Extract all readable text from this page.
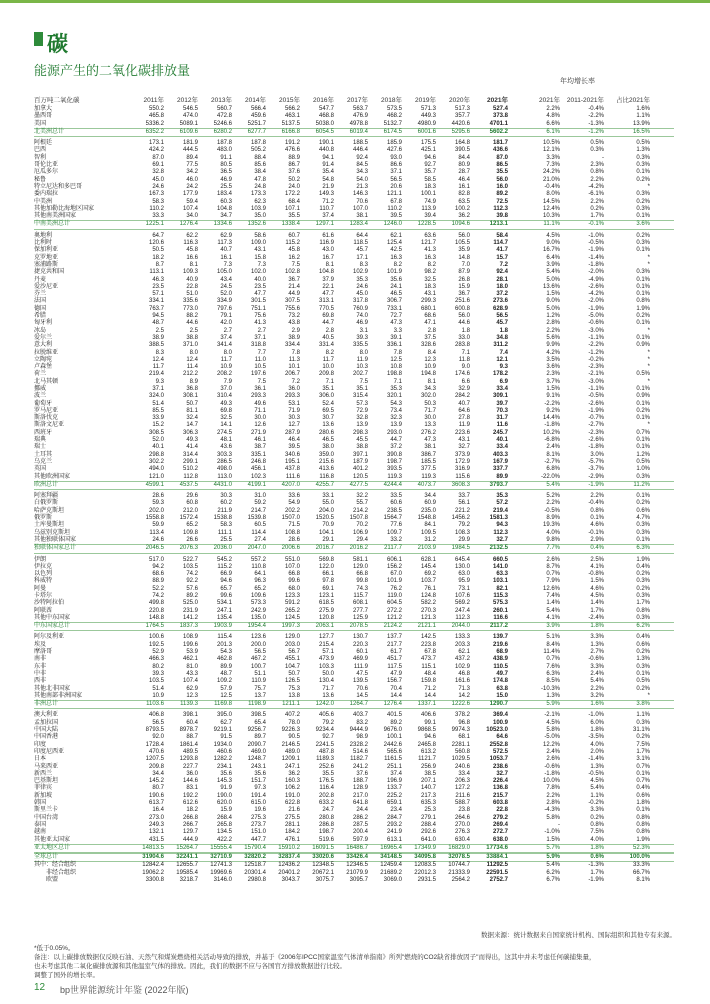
碳
能源产生的二氧化碳排放量
年均增长率
百万吨二氧化碳	2011年	2012年	2013年	2014年	2015年	2016年	2017年	2018年	2019年	2020年	2021年	2021年	2011-2021年	占比2021年
加拿大	550.2	546.5	560.7	566.4	566.2	547.7	563.7	573.5	571.3	517.3	527.4	2.2%	-0.4%	1.6%
墨西哥	465.8	474.0	472.8	459.6	463.1	468.8	476.9	468.2	449.3	357.7	373.8	4.8%	-2.2%	1.1%
美国	5336.2	5089.1	5246.6	5251.7	5137.5	5038.0	4978.8	5132.7	4980.9	4420.6	4701.1	6.6%	-1.3%	13.9%
北美洲总计	6352.2	6109.6	6280.2	6277.7	6166.8	6054.5	6019.4	6174.5	6001.6	5295.6	5602.2	6.1%	-1.2%	16.5%
阿根廷	173.1	181.9	187.8	187.8	191.2	190.1	188.5	185.9	175.5	164.8	181.7	10.5%	0.5%	0.5%
巴西	424.2	444.5	483.0	505.2	476.6	440.8	446.4	427.6	425.1	390.5	436.6	12.1%	0.3%	1.3%
智利	87.0	89.4	91.1	88.4	88.9	94.1	92.4	93.0	94.6	84.4	87.0	3.3%	-	0.3%
哥伦比亚	69.1	77.5	80.5	85.6	86.7	91.4	84.5	86.6	92.7	80.9	86.5	7.3%	2.3%	0.3%
厄瓜多尔	32.8	34.2	36.5	38.4	37.6	35.4	34.3	37.1	35.7	28.7	35.5	24.2%	0.8%	0.1%
秘鲁	45.0	46.0	46.9	47.8	50.2	54.8	54.0	56.5	58.5	46.4	56.0	21.0%	2.2%	0.2%
特立尼达和多巴哥	24.6	24.2	25.5	24.8	24.0	21.9	21.3	20.6	18.3	16.1	16.0	-0.4%	-4.2%	*
委内瑞拉	167.3	177.9	183.4	173.3	172.2	149.3	146.3	121.1	100.1	82.8	89.2	8.0%	-6.1%	0.3%
中美洲	58.3	59.4	60.3	62.3	68.4	71.2	70.6	67.8	74.9	63.5	72.5	14.5%	2.2%	0.2%
其他加勒比海地区国家	110.2	107.4	104.8	103.9	107.1	110.7	107.0	110.2	113.9	100.2	112.3	12.4%	0.2%	0.3%
其他南美洲国家	33.3	34.0	34.7	35.0	35.5	37.4	38.1	39.5	39.4	36.2	39.8	10.3%	1.7%	0.1%
中南美洲总计	1225.1	1276.4	1334.6	1352.6	1338.4	1297.1	1283.4	1246.0	1228.5	1094.6	1213.1	11.1%	-0.1%	3.6%
奥地利	64.7	62.2	62.9	58.6	60.7	61.6	64.4	62.1	63.6	56.0	58.4	4.5%	-1.0%	0.2%
比利时	120.6	116.3	117.3	109.0	115.2	116.9	118.5	125.4	121.7	105.5	114.7	9.0%	-0.5%	0.3%
保加利亚	50.5	45.8	40.7	43.1	45.8	43.0	45.7	42.5	41.3	35.9	41.7	16.7%	-1.9%	0.1%
克罗地亚	18.2	16.6	16.1	15.8	16.2	16.7	17.1	16.3	16.3	14.8	15.7	6.4%	-1.4%	*
塞浦路斯	8.7	8.1	7.3	7.3	7.5	8.1	8.3	8.2	8.2	7.0	7.2	3.9%	-1.8%	*
捷克共和国	113.1	109.3	105.0	102.0	102.8	104.8	102.9	101.9	98.2	87.9	92.4	5.4%	-2.0%	0.3%
丹麦	46.3	40.9	43.4	40.0	36.7	37.9	35.3	35.6	32.5	26.8	28.1	5.0%	-4.9%	0.1%
爱沙尼亚	23.5	22.8	24.5	23.5	21.4	22.1	24.6	24.1	18.3	15.9	18.0	13.6%	-2.6%	0.1%
芬兰	57.1	51.0	52.0	47.7	44.9	47.7	45.0	46.5	43.1	36.7	37.2	1.5%	-4.2%	0.1%
法国	334.1	335.6	334.9	301.5	307.5	313.1	317.8	306.7	299.3	251.6	273.6	9.0%	-2.0%	0.8%
德国	763.7	773.0	797.6	751.1	755.6	770.5	760.9	733.1	680.1	600.8	628.9	5.0%	-1.9%	1.9%
希腊	94.5	88.2	79.1	75.6	73.2	69.8	74.0	72.7	68.6	56.0	56.5	1.2%	-5.0%	0.2%
匈牙利	48.7	44.6	42.0	41.3	43.8	44.7	46.9	47.3	47.1	44.6	45.7	2.8%	-0.6%	0.1%
冰岛	2.5	2.5	2.7	2.7	2.9	2.8	3.1	3.3	2.8	1.8	1.8	2.2%	-3.0%	*
爱尔兰	38.9	38.8	37.4	37.1	38.9	40.5	39.3	39.1	37.5	33.0	34.8	5.6%	-1.1%	0.1%
意大利	388.5	371.0	341.4	318.8	334.4	331.4	335.5	336.1	328.6	283.8	311.2	9.9%	-2.2%	0.9%
拉脱维亚	8.3	8.0	8.0	7.7	7.8	8.2	8.0	7.8	8.4	7.1	7.4	4.2%	-1.2%	*
立陶宛	12.4	12.4	11.7	11.0	11.3	11.7	11.9	12.5	12.3	11.8	12.1	3.5%	-0.2%	*
卢森堡	11.7	11.4	10.9	10.5	10.1	10.0	10.3	10.8	10.9	9.0	9.3	3.6%	-2.3%	*
荷兰	219.4	212.2	208.2	197.6	206.7	209.8	202.7	198.8	194.8	174.6	178.2	2.3%	-2.1%	0.5%
北马其顿	9.3	8.9	7.9	7.5	7.2	7.1	7.5	7.1	8.1	6.6	6.9	3.7%	-3.0%	*
挪威	37.1	36.8	37.0	36.1	36.0	35.1	35.1	35.3	34.3	32.9	33.4	1.5%	-1.1%	0.1%
波兰	324.0	308.1	310.4	293.3	293.3	306.0	315.4	320.1	302.0	284.2	309.1	9.1%	-0.5%	0.9%
葡萄牙	51.4	50.7	49.3	49.6	53.1	52.4	57.3	54.3	50.3	40.7	39.7	-2.2%	-2.6%	0.1%
罗马尼亚	85.5	81.1	69.8	71.1	71.9	69.5	72.9	73.4	71.7	64.6	70.3	9.2%	-1.9%	0.2%
斯洛伐克	33.9	32.4	32.5	30.0	30.3	30.7	32.8	32.3	30.0	27.8	31.7	14.4%	-0.7%	0.1%
斯洛文尼亚	15.2	14.7	14.1	12.6	12.7	13.6	13.9	13.9	13.3	11.9	11.6	-1.8%	-2.7%	*
西班牙	308.5	306.3	274.5	271.9	287.9	280.6	298.3	293.0	276.2	223.6	245.7	10.2%	-2.3%	0.7%
瑞典	52.0	49.3	48.1	46.1	46.4	46.5	45.5	44.7	47.3	43.1	40.1	-6.8%	-2.6%	0.1%
瑞士	40.1	41.4	43.6	38.7	39.5	38.0	38.8	37.2	38.1	32.7	33.4	2.4%	-1.8%	0.1%
土耳其	298.8	314.4	303.3	335.1	340.6	359.0	397.1	390.8	386.7	373.9	403.3	8.1%	3.0%	1.2%
乌克兰	302.2	299.1	286.5	246.8	195.1	215.6	187.9	198.7	185.5	172.9	167.9	-2.7%	-5.7%	0.5%
英国	494.0	510.2	498.0	456.1	437.8	413.6	401.2	393.5	377.5	316.9	337.7	6.8%	-3.7%	1.0%
其他欧洲国家	121.0	112.8	113.0	102.3	111.6	116.8	120.5	119.3	119.3	115.6	89.9	-22.0%	-2.9%	0.3%
欧洲总计	4599.1	4537.5	4431.0	4199.1	4207.0	4255.7	4277.5	4244.4	4073.7	3608.3	3793.7	5.4%	-1.9%	11.2%
阿塞拜疆	28.6	29.6	30.3	31.0	33.6	33.1	32.2	33.5	34.4	33.7	35.3	5.2%	2.2%	0.1%
白俄罗斯	59.3	60.8	60.2	59.2	54.9	55.0	55.7	60.6	60.9	56.1	57.2	2.2%	-0.4%	0.2%
哈萨克斯坦	202.0	212.0	211.9	214.7	202.2	204.0	214.2	238.5	235.0	221.2	219.4	-0.5%	0.8%	0.6%
俄罗斯	1558.8	1572.4	1538.8	1539.8	1507.0	1520.5	1507.8	1564.7	1548.8	1456.2	1581.3	8.9%	0.1%	4.7%
土库曼斯坦	59.9	65.2	58.3	60.5	71.5	70.9	70.2	77.6	84.1	79.2	94.3	19.3%	4.6%	0.3%
乌兹别克斯坦	113.4	109.8	111.1	114.4	108.8	104.1	106.9	109.7	109.5	108.3	112.3	4.0%	-0.1%	0.3%
其他独联体国家	24.6	26.6	25.5	27.4	28.6	29.1	29.4	33.2	31.2	29.9	32.7	9.8%	2.9%	0.1%
独联体国家总计	2046.5	2076.3	2036.0	2047.0	2006.6	2016.7	2016.2	2117.7	2103.9	1984.5	2132.5	7.7%	0.4%	6.3%
伊朗	517.0	522.7	545.2	557.2	551.0	569.8	581.1	606.1	628.1	645.4	660.5	2.6%	2.5%	1.9%
伊拉克	94.2	103.5	115.2	110.8	107.0	122.0	129.0	156.2	145.4	130.0	141.0	8.7%	4.1%	0.4%
以色列	68.6	74.2	66.9	64.1	66.8	66.1	66.8	67.0	69.2	63.0	63.3	0.7%	-0.8%	0.2%
科威特	88.9	92.2	94.6	96.3	99.6	97.8	99.8	101.9	103.7	95.9	103.1	7.9%	1.5%	0.3%
阿曼	52.2	57.6	65.7	65.2	68.0	69.1	74.3	76.2	76.1	73.1	82.1	12.6%	4.6%	0.2%
卡塔尔	74.2	89.2	99.6	109.6	123.3	123.1	115.7	119.0	124.8	107.6	115.3	7.4%	4.5%	0.3%
沙特阿拉伯	499.8	525.0	534.1	573.3	591.2	618.5	608.1	604.5	582.2	569.2	575.3	1.4%	1.4%	1.7%
阿联酋	220.8	231.9	247.1	242.9	265.2	275.9	277.7	272.2	270.3	247.4	260.1	5.4%	1.7%	0.8%
其他中东国家	148.8	141.2	135.4	135.0	124.5	120.8	125.9	121.2	121.3	112.3	116.6	4.1%	-2.4%	0.3%
中东国家总计	1764.5	1837.3	1903.9	1954.4	1997.3	2063.1	2078.5	2124.2	2121.1	2044.0	2117.2	3.9%	1.8%	6.2%
阿尔及利亚	100.6	108.9	115.4	123.6	129.0	127.7	130.7	137.7	142.5	133.3	139.7	5.1%	3.3%	0.4%
埃及	192.5	199.6	201.3	200.0	203.0	215.4	220.3	217.7	223.8	203.3	219.6	8.4%	1.3%	0.6%
摩洛哥	52.9	53.9	54.3	56.5	56.7	57.1	60.1	61.7	67.8	62.1	68.9	11.4%	2.7%	0.2%
南非	466.3	462.1	462.8	467.2	455.1	473.9	469.9	451.7	473.7	437.2	438.9	0.7%	-0.6%	1.3%
东非	80.2	81.0	89.9	100.7	104.7	103.3	111.9	117.5	115.1	102.9	110.5	7.6%	3.3%	0.3%
中非	39.3	43.3	48.7	51.1	50.7	50.0	47.5	47.9	48.4	46.8	49.7	6.3%	2.4%	0.1%
西非	103.5	107.4	109.2	110.9	126.5	130.4	139.5	156.7	159.8	161.6	174.8	8.5%	5.4%	0.5%
其他北非国家	51.4	62.9	57.9	75.7	75.3	71.7	70.6	70.4	71.2	71.3	63.8	-10.3%	2.2%	0.2%
其他南部非洲国家	10.9	12.3	12.5	13.7	13.8	13.6	14.5	14.4	14.4	14.2	15.0	1.3%	3.2%	*
非洲总计	1103.6	1139.3	1169.8	1198.9	1211.1	1242.0	1264.7	1276.4	1337.1	1222.6	1290.7	5.9%	1.6%	3.8%
澳大利亚	406.8	398.1	395.0	398.5	407.2	405.6	403.7	401.5	406.6	378.2	369.4	-2.1%	-1.0%	1.1%
孟加拉国	56.5	60.4	62.7	65.4	78.0	79.2	83.2	89.2	99.1	96.8	100.9	4.5%	6.0%	0.3%
中国大陆	8793.5	8978.7	9219.1	9256.7	9226.3	9234.4	9444.9	9676.0	9868.5	9974.3	10523.0	5.8%	1.8%	31.1%
中国香港	92.0	88.7	91.5	89.7	90.5	92.7	98.9	100.1	94.6	68.1	64.6	-5.0%	-3.5%	0.2%
印度	1728.4	1861.4	1934.0	2090.7	2146.5	2241.5	2328.2	2442.6	2465.8	2281.1	2552.8	12.2%	4.0%	7.5%
印度尼西亚	470.6	489.5	460.6	469.0	489.0	487.8	514.6	565.6	613.2	560.8	572.5	2.4%	2.0%	1.7%
日本	1207.5	1293.8	1282.2	1248.7	1209.1	1189.3	1182.7	1161.5	1121.7	1029.5	1053.7	2.6%	-1.4%	3.1%
马来西亚	209.8	227.7	234.1	243.1	247.1	252.6	241.2	251.1	256.9	240.6	238.6	-0.6%	1.3%	0.7%
新西兰	34.4	36.0	35.6	35.6	36.2	35.5	37.6	37.4	38.5	33.4	32.7	-1.8%	-0.5%	0.1%
巴基斯坦	145.2	144.6	145.3	151.7	160.3	176.5	188.7	196.9	207.1	206.3	226.4	10.0%	4.5%	0.7%
菲律宾	80.7	83.1	91.9	97.3	106.2	116.4	128.9	133.7	140.7	127.2	136.8	7.8%	5.4%	0.4%
新加坡	190.6	192.2	190.0	191.4	191.0	202.8	217.0	225.2	217.3	211.6	215.7	2.2%	1.1%	0.6%
韩国	613.7	612.6	620.0	615.0	622.8	633.2	641.8	659.1	635.3	588.7	603.8	2.8%	-0.2%	1.8%
斯里兰卡	16.4	18.2	15.9	19.6	21.6	24.7	24.4	23.4	25.3	23.8	22.8	-4.3%	3.3%	0.1%
中国台湾	273.0	266.8	268.4	275.3	275.5	280.8	286.2	284.7	279.1	264.6	279.2	5.8%	0.2%	0.8%
泰国	249.3	266.7	265.8	273.7	281.1	286.8	287.5	293.2	288.4	270.0	269.4	-	0.8%	0.8%
越南	132.1	129.7	134.5	151.0	184.2	198.7	200.4	241.9	292.6	276.3	272.7	-1.0%	7.5%	0.8%
其他亚太国家	431.5	444.9	422.2	447.7	476.1	519.6	597.9	613.1	641.0	630.4	638.0	1.5%	4.0%	1.9%
亚太地区总计	14813.5	15264.7	15555.4	15790.4	15910.2	16091.5	16486.7	16965.4	17349.9	16829.0	17734.6	5.7%	1.8%	52.3%
全球总计	31904.6	32241.1	32710.9	32820.2	32837.4	33020.6	33426.4	34148.5	34095.8	32078.5	33884.1	5.9%	0.6%	100.0%
其中：经合组织	12842.4	12655.7	12741.3	12518.7	12436.2	12348.5	12346.5	12459.4	12083.5	10744.7	11292.5	5.4%	-1.3%	33.3%
　　非经合组织	19062.2	19585.4	19969.6	20301.4	20401.2	20672.1	21079.9	21689.2	22012.3	21333.9	22591.5	6.2%	1.7%	66.7%
　　欧盟	3300.8	3218.7	3146.0	2980.8	3043.7	3075.7	3095.7	3069.0	2931.5	2564.2	2752.7	6.7%	-1.9%	8.1%
数据来源：统计数据来自国家统计机构、国际组织和其他专有来源。
*低于0.05%。
备注：以上碳排放数据仅反映石油、天然气和煤炭燃烧相关活动导致的排放，并基于《2006年IPCC国家温室气体清单指南》所列"燃烧的CO2缺省排放因子"而得出，这其中并未考虑任何碳捕集量，
也未考虑其他二氧化碳排放源和其他温室气体的排放。因此，我们的数据不应与各国官方排放数据进行比较。
调整了国外的增长率。
12 bp世界能源统计年鉴 (2022年版)
